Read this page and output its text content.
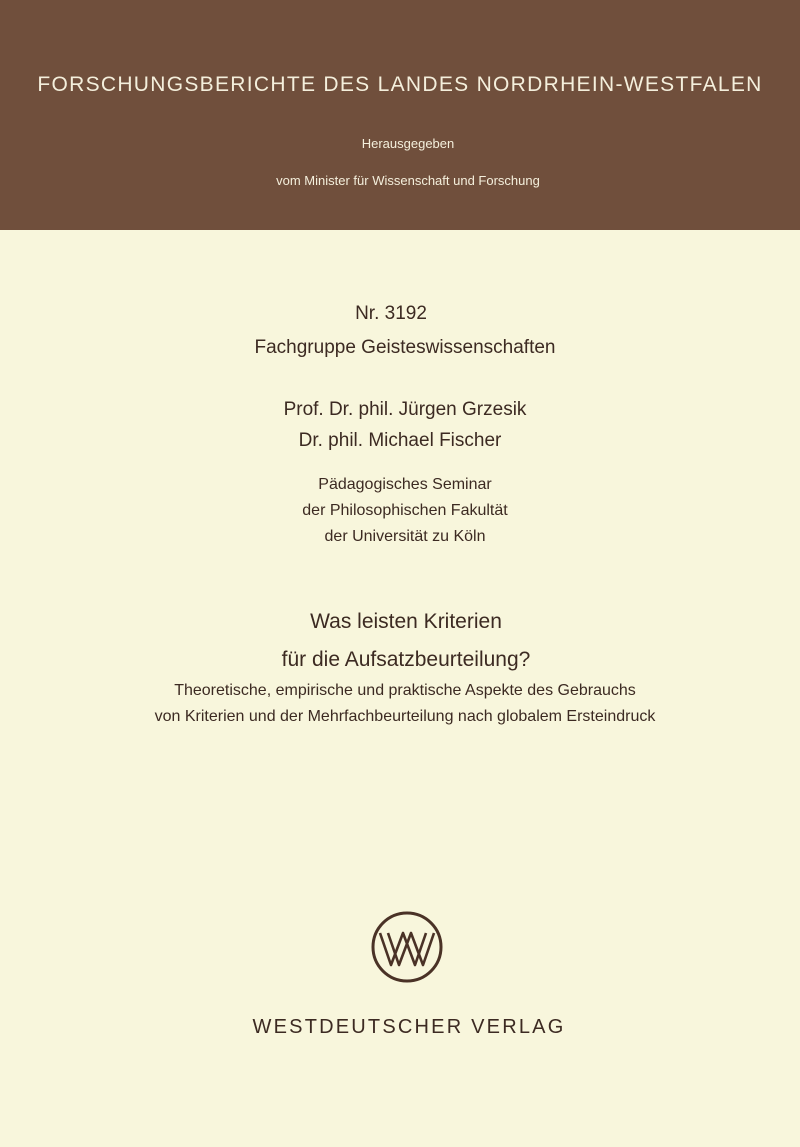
FORSCHUNGSBERICHTE DES LANDES NORDRHEIN-WESTFALEN
Herausgegeben
vom Minister für Wissenschaft und Forschung
Nr. 3192
Fachgruppe Geisteswissenschaften
Prof. Dr. phil. Jürgen Grzesik
Dr. phil. Michael Fischer
Pädagogisches Seminar
der Philosophischen Fakultät
der Universität zu Köln
Was leisten Kriterien
für die Aufsatzbeurteilung?
Theoretische, empirische und praktische Aspekte des Gebrauchs
von Kriterien und der Mehrfachbeurteilung nach globalem Ersteindruck
WESTDEUTSCHER VERLAG
